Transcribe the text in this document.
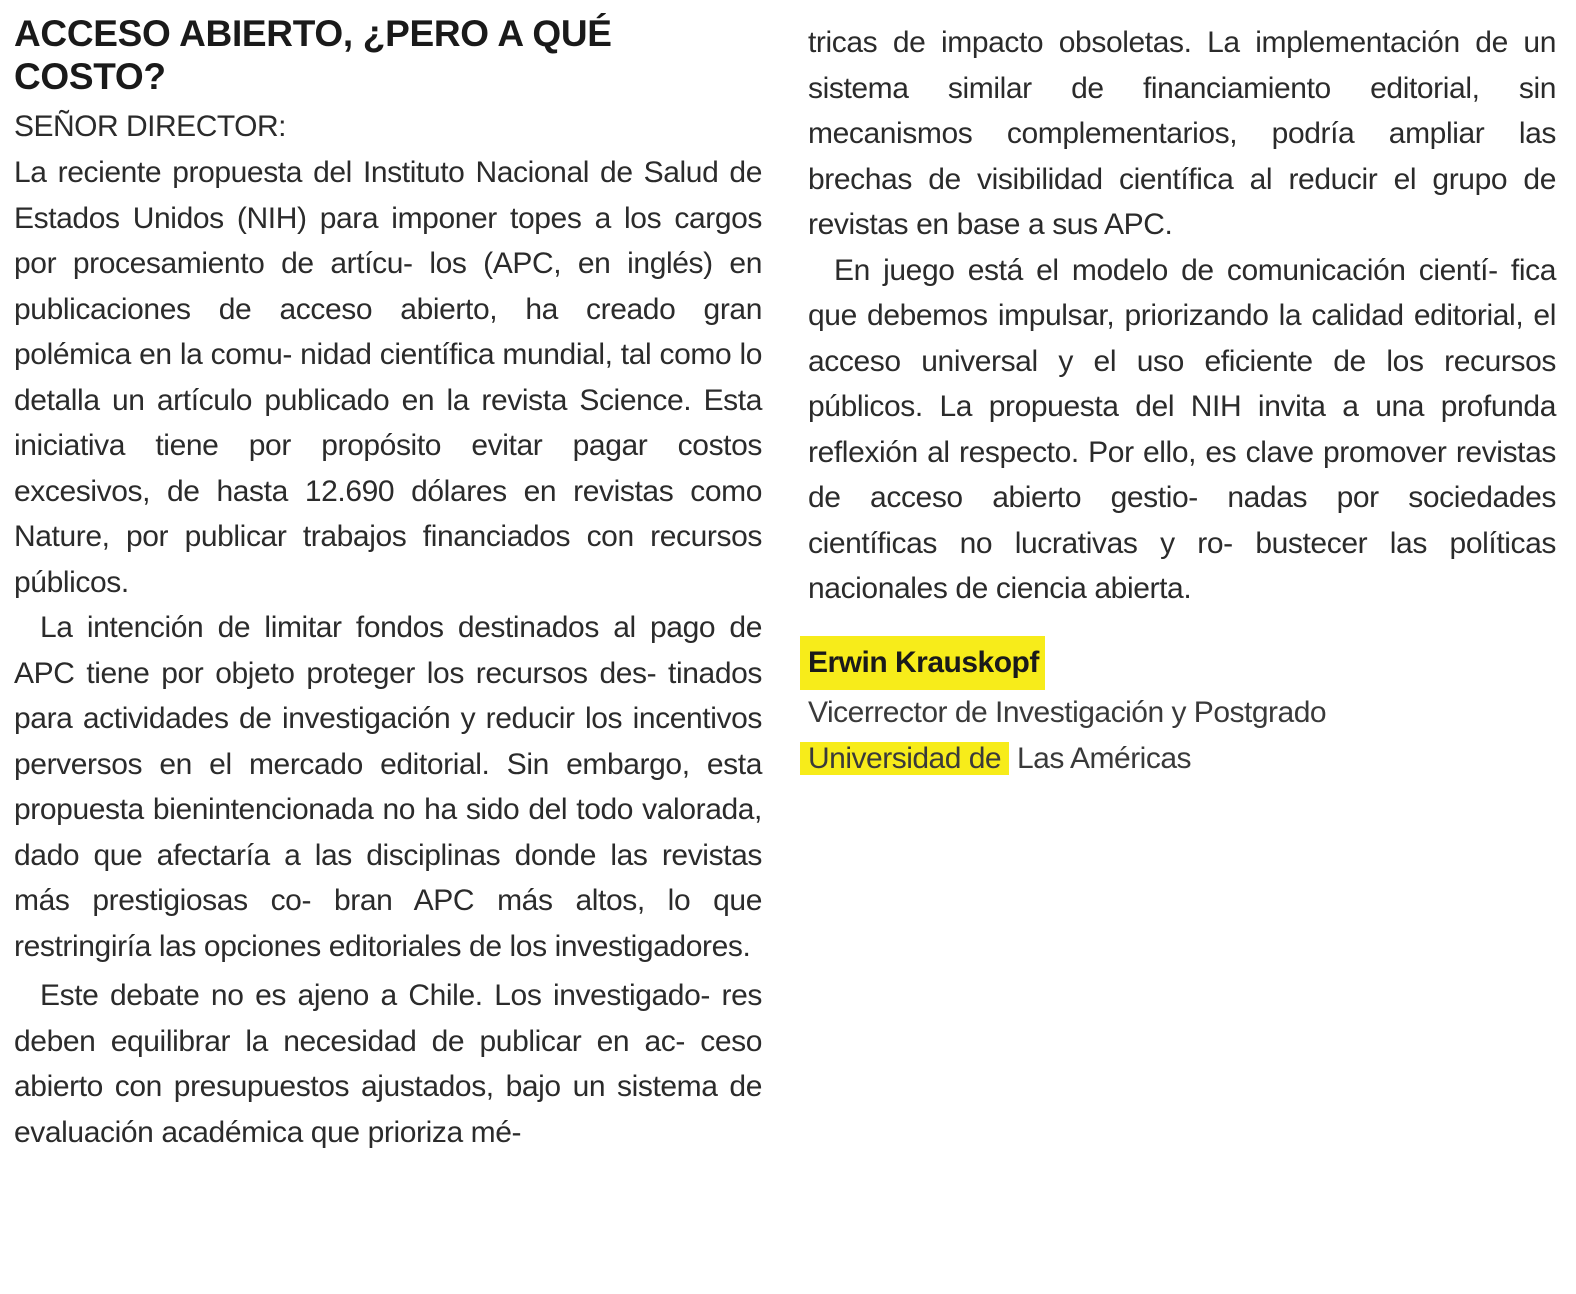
ACCESO ABIERTO, ¿PERO A QUÉ
COSTO?

SEÑOR DIRECTOR:

La reciente propuesta del Instituto Nacional de Salud de Estados Unidos (NIH) para imponer topes a los cargos por procesamiento de artícu- los (APC, en inglés) en publicaciones de acceso abierto, ha creado gran polémica en la comu- nidad científica mundial, tal como lo detalla un artículo publicado en la revista Science. Esta iniciativa tiene por propósito evitar pagar costos excesivos, de hasta 12.690 dólares en revistas como Nature, por publicar trabajos financiados con recursos públicos.

La intención de limitar fondos destinados al pago de APC tiene por objeto proteger los recursos des- tinados para actividades de investigación y reducir los incentivos perversos en el mercado editorial. Sin embargo, esta propuesta bienintencionada no ha sido del todo valorada, dado que afectaría a las disciplinas donde las revistas más prestigiosas co- bran APC más altos, lo que restringiría las opciones editoriales de los investigadores.

Este debate no es ajeno a Chile. Los investigado- res deben equilibrar la necesidad de publicar en ac- ceso abierto con presupuestos ajustados, bajo un sistema de evaluación académica que prioriza mé-

tricas de impacto obsoletas. La implementación de un sistema similar de financiamiento editorial, sin mecanismos complementarios, podría ampliar las brechas de visibilidad científica al reducir el grupo de revistas en base a sus APC.

En juego está el modelo de comunicación cientí- fica que debemos impulsar, priorizando la calidad editorial, el acceso universal y el uso eficiente de los recursos públicos. La propuesta del NIH invita a una profunda reflexión al respecto. Por ello, es clave promover revistas de acceso abierto gestio- nadas por sociedades científicas no lucrativas y ro- bustecer las políticas nacionales de ciencia abierta.

Erwin Krauskopf
Vicerrector de Investigación y Postgrado
Universidad de Las Américas
